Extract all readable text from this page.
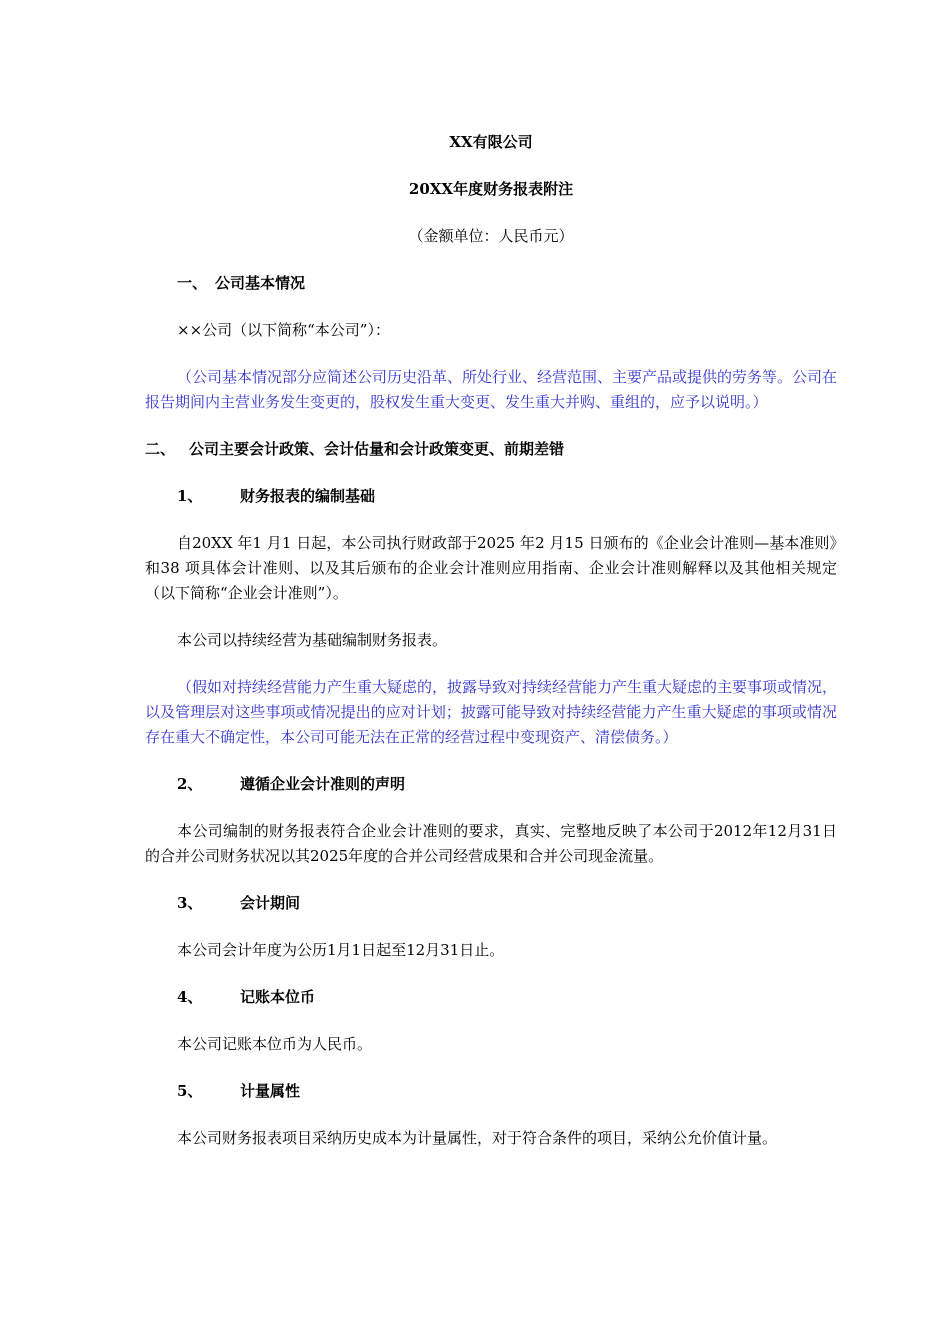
XX有限公司
20XX年度财务报表附注
（金额单位：人民币元）
一、 公司基本情况
××公司（以下简称“本公司”）：
（公司基本情况部分应简述公司历史沿革、所处行业、经营范围、主要产品或提供的劳务等。公司在报告期间内主营业务发生变更的，股权发生重大变更、发生重大并购、重组的，应予以说明。）
二、 公司主要会计政策、会计估量和会计政策变更、前期差错
1、	财务报表的编制基础
自20XX 年1 月1 日起，本公司执行财政部于2025 年2 月15 日颁布的《企业会计准则—基本准则》和38 项具体会计准则、以及其后颁布的企业会计准则应用指南、企业会计准则解释以及其他相关规定（以下简称“企业会计准则”）。
本公司以持续经营为基础编制财务报表。
（假如对持续经营能力产生重大疑虑的，披露导致对持续经营能力产生重大疑虑的主要事项或情况，以及管理层对这些事项或情况提出的应对计划；披露可能导致对持续经营能力产生重大疑虑的事项或情况存在重大不确定性，本公司可能无法在正常的经营过程中变现资产、清偿债务。）
2、	遵循企业会计准则的声明
本公司编制的财务报表符合企业会计准则的要求，真实、完整地反映了本公司于2012年12月31日的合并公司财务状况以其2025年度的合并公司经营成果和合并公司现金流量。
3、	会计期间
本公司会计年度为公历1月1日起至12月31日止。
4、	记账本位币
本公司记账本位币为人民币。
5、	计量属性
本公司财务报表项目采纳历史成本为计量属性，对于符合条件的项目，采纳公允价值计量。
